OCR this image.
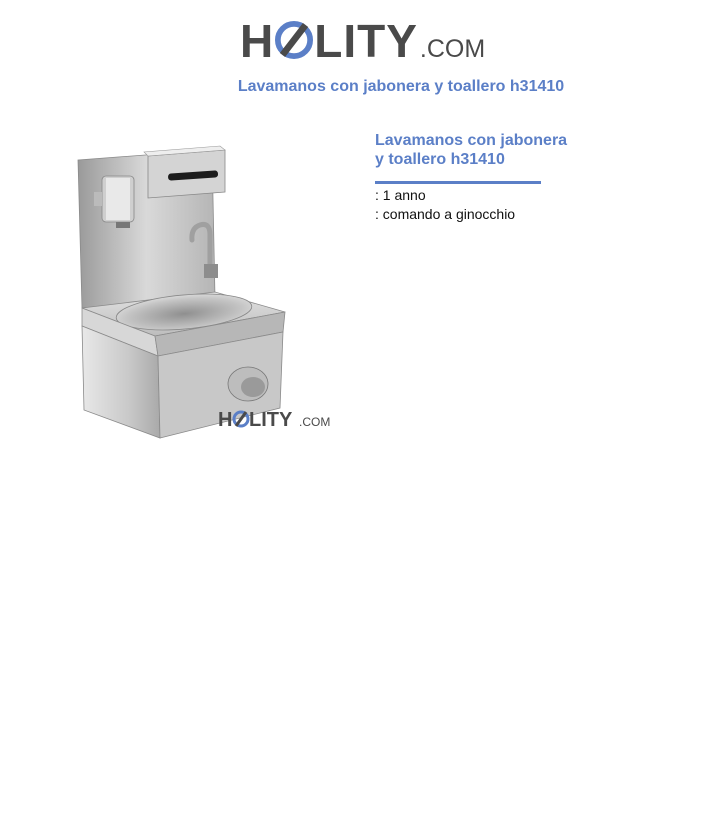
H LITY .COM
Lavamanos con jabonera y toallero h31410
H LITY .COM
Lavamanos con jabonera y toallero h31410
: 1 anno
: comando a ginocchio
